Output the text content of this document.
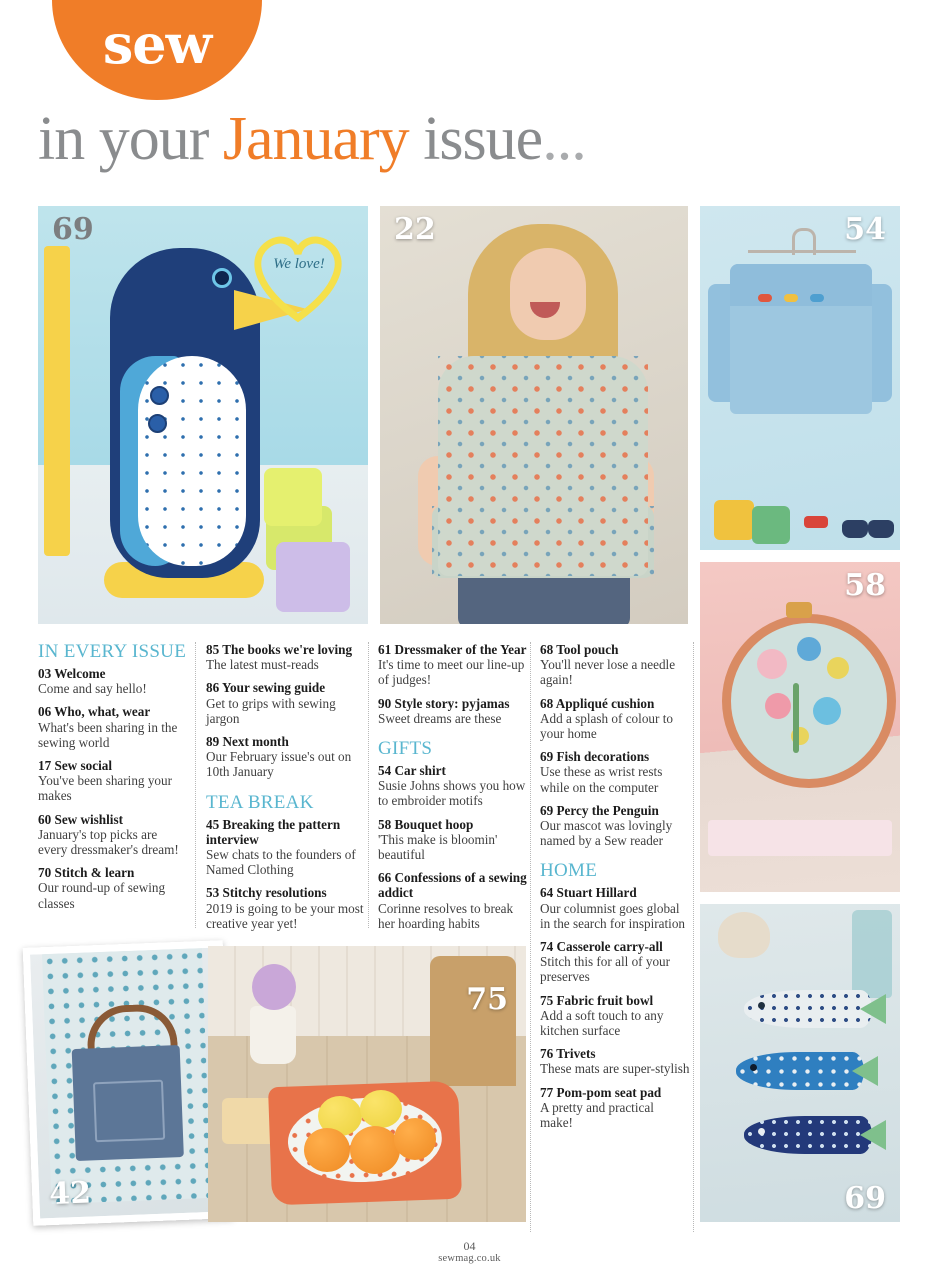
sew
in your January issue...
We love!
69	22	54
58
42
75
69
IN EVERY ISSUE
03 Welcome
Come and say hello!
06 Who, what, wear
What's been sharing in the sewing world
17 Sew social
You've been sharing your makes
60 Sew wishlist
January's top picks are every dressmaker's dream!
70 Stitch & learn
Our round-up of sewing classes
85 The books we're loving
The latest must-reads
86 Your sewing guide
Get to grips with sewing jargon
89 Next month
Our February issue's out on 10th January
TEA BREAK
45 Breaking the pattern interview
Sew chats to the founders of Named Clothing
53 Stitchy resolutions
2019 is going to be your most creative year yet!
61 Dressmaker of the Year
It's time to meet our line-up of judges!
90 Style story: pyjamas
Sweet dreams are these
GIFTS
54 Car shirt
Susie Johns shows you how to embroider motifs
58 Bouquet hoop
'This make is bloomin' beautiful
66 Confessions of a sewing addict
Corinne resolves to break her hoarding habits
68 Tool pouch
You'll never lose a needle again!
68 Appliqué cushion
Add a splash of colour to your home
69 Fish decorations
Use these as wrist rests while on the computer
69 Percy the Penguin
Our mascot was lovingly named by a Sew reader
HOME
64 Stuart Hillard
Our columnist goes global in the search for inspiration
74 Casserole carry-all
Stitch this for all of your preserves
75 Fabric fruit bowl
Add a soft touch to any kitchen surface
76 Trivets
These mats are super-stylish
77 Pom-pom seat pad
A pretty and practical make!
04
sewmag.co.uk
